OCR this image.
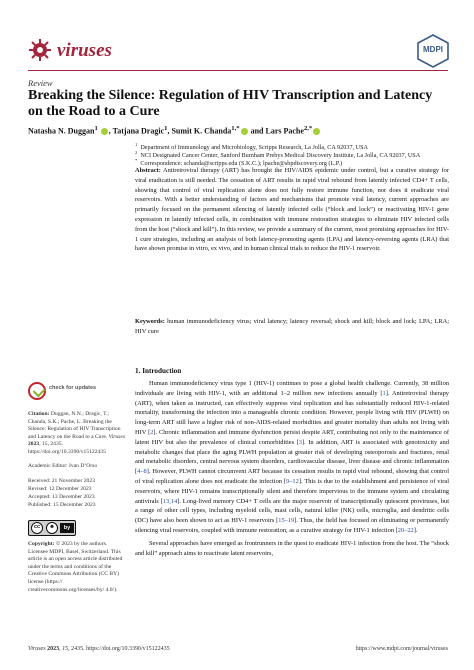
viruses	MDPI
Review
Breaking the Silence: Regulation of HIV Transcription and Latency on the Road to a Cure
Natasha N. Duggan$^1$ , Tatjana Dragic$^1$, Sumit K. Chanda$^{1,*}$ and Lars Pache$^{2,*}$
$^1$ Department of Immunology and Microbiology, Scripps Research, La Jolla, CA 92037, USA
$^2$ NCI Designated Cancer Center, Sanford Burnham Prebys Medical Discovery Institute, La Jolla, CA 92037, USA
* Correspondence: schanda@scripps.edu (S.K.C.); lpache@sbpdiscovery.org (L.P.)
Abstract: Antiretroviral therapy (ART) has brought the HIV/AIDS epidemic under control, but a curative strategy for viral eradication is still needed. The cessation of ART results in rapid viral rebound from latently infected CD4+ T cells, showing that control of viral replication alone does not fully restore immune function, nor does it eradicate viral reservoirs. With a better understanding of factors and mechanisms that promote viral latency, current approaches are primarily focused on the permanent silencing of latently infected cells (“block and lock”) or reactivating HIV-1 gene expression in latently infected cells, in combination with immune restoration strategies to eliminate HIV infected cells from the host (“shock and kill”). In this review, we provide a summary of the current, most promising approaches for HIV-1 cure strategies, including an analysis of both latency-promoting agents (LPA) and latency-reversing agents (LRA) that have shown promise in vitro, ex vivo, and in human clinical trials to reduce the HIV-1 reservoir.
Keywords: human immunodeficiency virus; viral latency; latency reversal; shock and kill; block and lock; LPA; LRA; HIV cure
1. Introduction

Human immunodeficiency virus type 1 (HIV-1) continues to pose a global health challenge. Currently, 38 million individuals are living with HIV-1, with an additional 1–2 million new infections annually [1]. Antiretroviral therapy (ART), when taken as instructed, can effectively suppress viral replication and has substantially reduced HIV-1-related mortality, transforming the infection into a manageable chronic condition. However, people living with HIV (PLWH) on long-term ART still have a higher risk of non-AIDS-related morbidities and greater mortality than adults not living with HIV [2]. Chronic inflammation and immune dysfunction persist despite ART, contributing not only to the maintenance of latent HIV but also the prevalence of clinical comorbidities [3]. In addition, ART is associated with genotoxicity and metabolic changes that place the aging PLWH population at greater risk of developing osteoporosis and fractures, renal and metabolic disorders, central nervous system disorders, cardiovascular disease, liver disease and chronic inflammation [4–8]. However, PLWH cannot circumvent ART because its cessation results in rapid viral rebound, showing that control of viral replication alone does not eradicate the infection [9–12]. This is due to the establishment and persistence of viral reservoirs, where HIV-1 remains transcriptionally silent and therefore impervious to the immune system and circulating antivirals [13,14]. Long-lived memory CD4+ T cells are the major reservoir of transcriptionally quiescent proviruses, but a range of other cell types, including myeloid cells, mast cells, natural killer (NK) cells, microglia, and dendritic cells (DC) have also been shown to act as HIV-1 reservoirs [15–19]. Thus, the field has focused on eliminating or permanently silencing viral reservoirs, coupled with immune restoration, as a curative strategy for HIV-1 infection [20–22].

Several approaches have emerged as frontrunners in the quest to eradicate HIV-1 infection from the host. The “shock and kill” approach aims to reactivate latent reservoirs,

check for updates
Citation: Duggan, N.N.; Dragic, T.; Chanda, S.K.; Pache, L. Breaking the Silence: Regulation of HIV Transcription and Latency on the Road to a Cure. Viruses 2023, 15, 2435. https://doi.org/10.3390/v15122435
Academic Editor: Ivan D’Orso
Received: 21 November 2023
Revised: 12 December 2023
Accepted: 13 December 2023
Published: 15 December 2023
cc	☻	by
Copyright: © 2023 by the authors. Licensee MDPI, Basel, Switzerland. This article is an open access article distributed under the terms and conditions of the Creative Commons Attribution (CC BY) license (https:// creativecommons.org/licenses/by/ 4.0/).
Viruses 2023, 15, 2435. https://doi.org/10.3390/v15122435	https://www.mdpi.com/journal/viruses
